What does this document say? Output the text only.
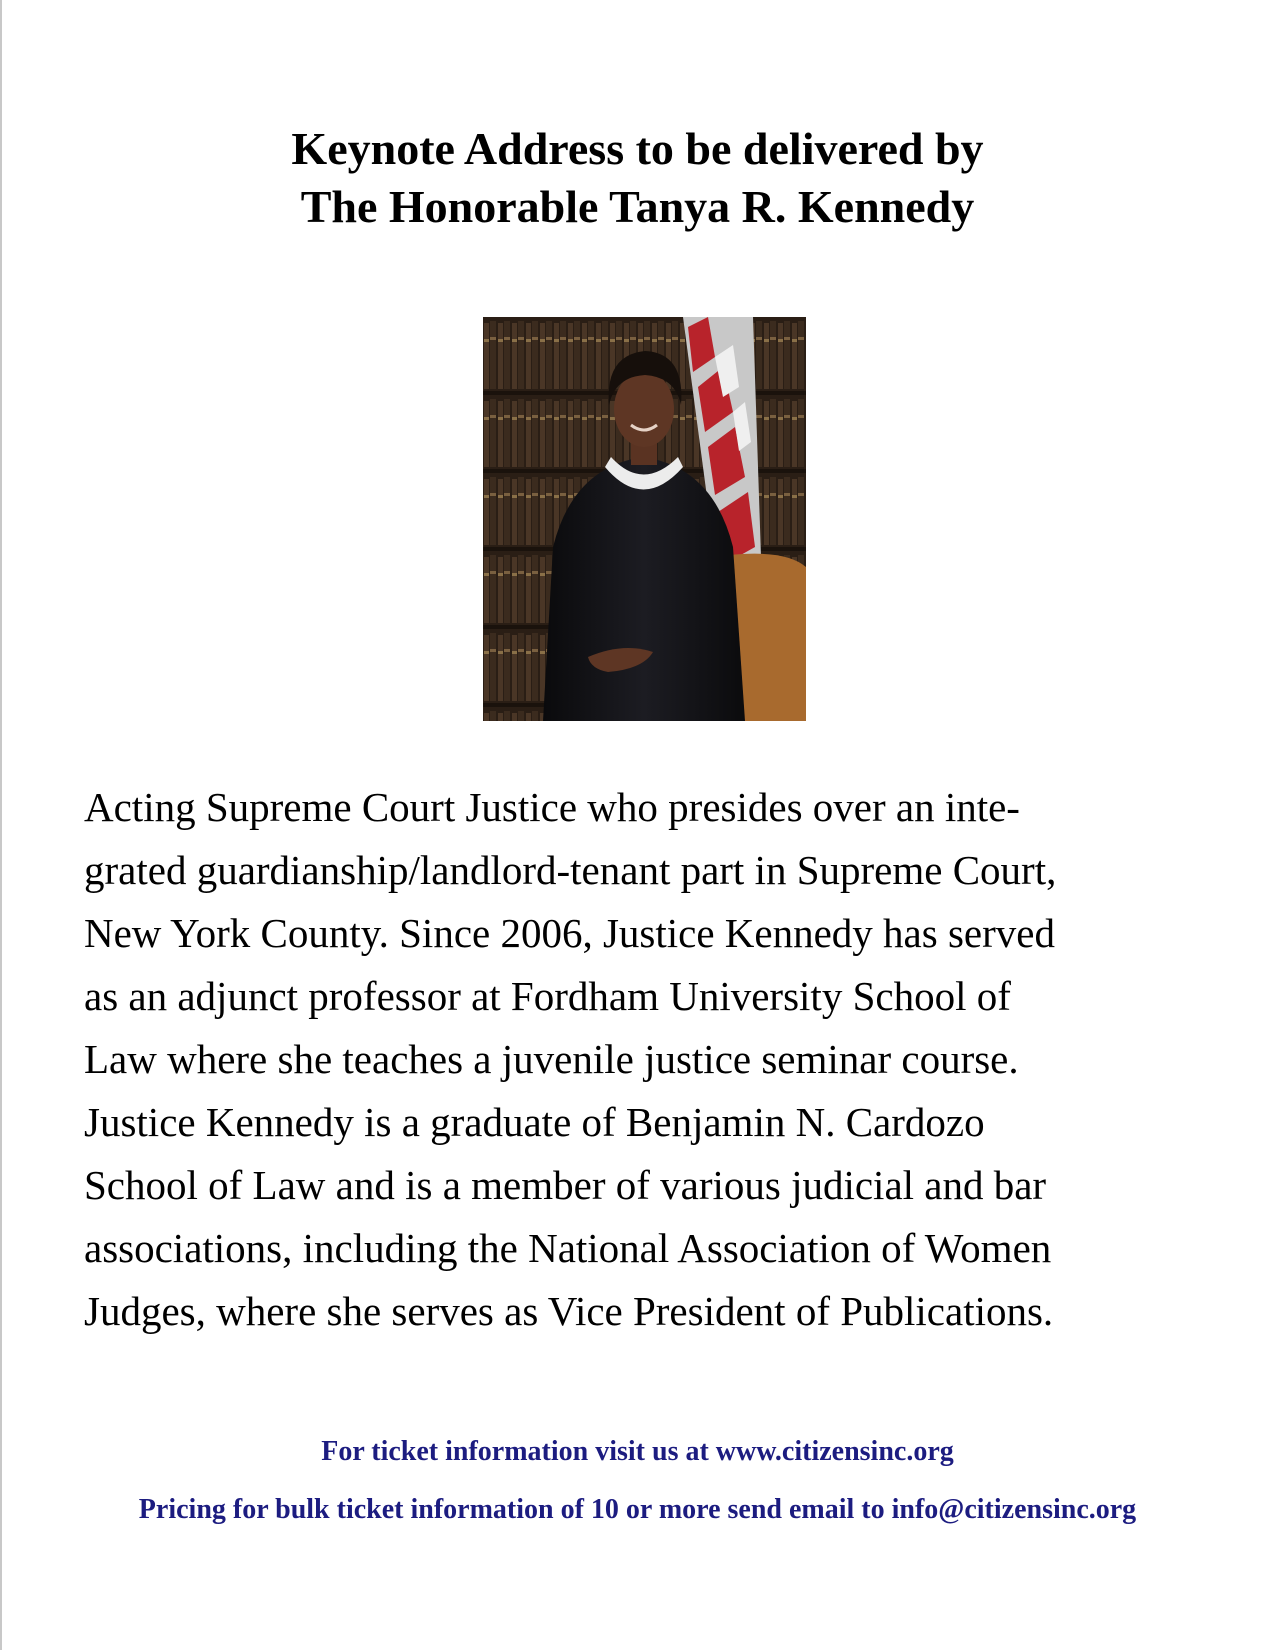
Keynote Address to be delivered by
The Honorable Tanya R. Kennedy
Acting Supreme Court Justice who presides over an inte-
grated guardianship/landlord-tenant part in Supreme Court,
New York County. Since 2006, Justice Kennedy has served
as an adjunct professor at Fordham University School of
Law where she teaches a juvenile justice seminar course.
Justice Kennedy is a graduate of Benjamin N. Cardozo
School of Law and is a member of various judicial and bar
associations, including the National Association of Women
Judges, where she serves as Vice President of Publications.
For ticket information visit us at www.citizensinc.org
Pricing for bulk ticket information of 10 or more send email to info@citizensinc.org
